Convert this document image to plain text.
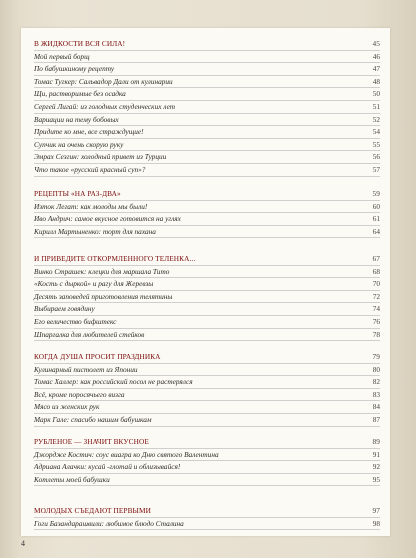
В ЖИДКОСТИ ВСЯ СИЛА!	45
Мой первый борщ	46
По бабушкиному рецепту	47
Томас Тугкер: Сальвадор Дали от кулинарии	48
Щи, растворимые без осадка	50
Сергей Лигай: из голодных студенческих лет	51
Вариации на тему бобовых	52
Придите ко мне, все страждущие!	54
Супчик на очень скорую руку	55
Эмрах Сезгин: холодный привет из Турции	56
Что такое «русский красный суп»?	57
РЕЦЕПТЫ «НА РАЗ-ДВА»	59
Изток Легат: как молоды мы были!	60
Иво Андрич: самое вкусное готовится на углях	61
Кирилл Мартыненко: торт для пахана	64
И ПРИВЕДИТЕ ОТКОРМЛЕННОГО ТЕЛЕНКА...	67
Винко Страшек: клецки для маршала Тито	68
«Кость с дыркой» и рагу для Жеревзы	70
Десять заповедей приготовления телятины	72
Выбираем говядину	74
Его величество бифштекс	76
Шпаргалка для любителей стейков	78
КОГДА ДУША ПРОСИТ ПРАЗДНИКА	79
Кулинарный пистолет из Японии	80
Томас Халлер: как российский посол не растерялся	82
Всё, кроме поросячьего визга	83
Мясо из женских рук	84
Марк Гале: спасибо нашим бабушкам	87
РУБЛЕНОЕ — ЗНАЧИТ ВКУСНОЕ	89
Джордже Костич: соус виагра ко Дню святого Валентина	91
Адриана Алачки: кусай -глотай и облизывайся!	92
Котлеты моей бабушки	95
МОЛОДЫХ СЪЕДАЮТ ПЕРВЫМИ	97
Гоги Базандарашвили: любимое блюдо Сталина	98
4
